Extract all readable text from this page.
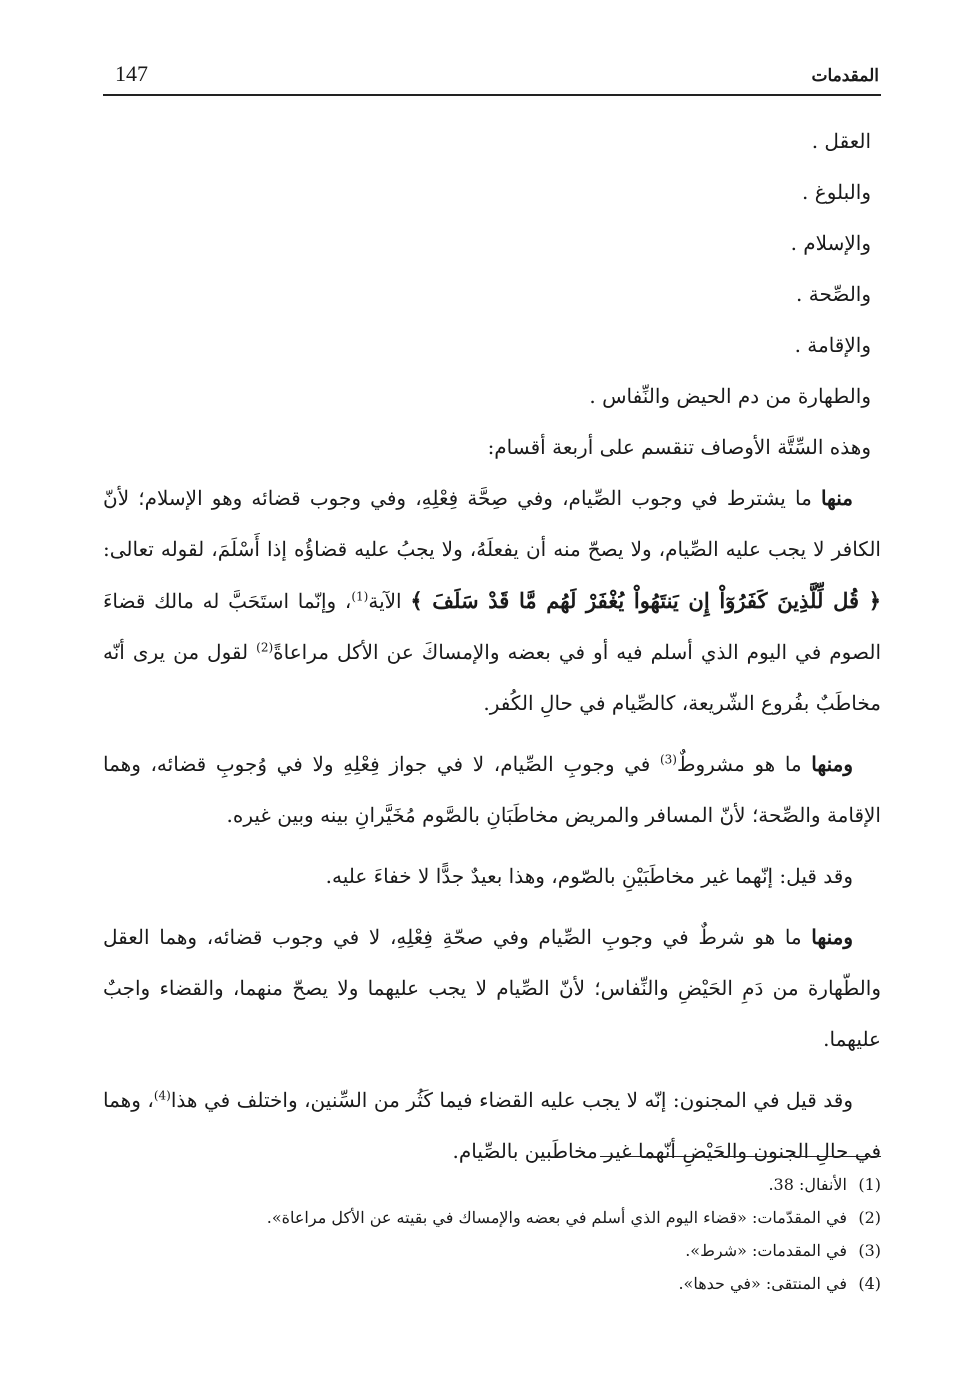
147	المقدمات

العقل .

والبلوغ .

والإسلام .

والصِّحة .

والإقامة .

والطهارة من دم الحيض والنِّفاس .

وهذه السِّتَّة الأوصاف تنقسم على أربعة أقسام:

منها ما يشترط في وجوب الصِّيام، وفي صِحَّة فِعْلِهِ، وفي وجوب قضائه وهو الإسلام؛ لأنّ الكافر لا يجب عليه الصِّيام، ولا يصحّ منه أن يفعلَهُ، ولا يجبُ عليه قضاؤُه إذا أَسْلَمَ، لقوله تعالى: ﴿ قُل لِّلَّذِينَ كَفَرُوٓاْ إِن يَنتَهُواْ يُغْفَرْ لَهُم مَّا قَدْ سَلَفَ ﴾ الآية$^{(1)}$، وإنّما استَحَبَّ له مالك قضاءَ الصوم في اليوم الذي أسلم فيه أو في بعضه والإمساكَ عن الأكل مراعاةً$^{(2)}$ لقول من يرى أنّه مخاطَبٌ بفُروع الشّريعة، كالصِّيام في حالِ الكُفر.

ومنها ما هو مشروطٌ$^{(3)}$ في وجوبِ الصِّيام، لا في جواز فِعْلِهِ ولا في وُجوبِ قضائه، وهما الإقامة والصِّحة؛ لأنّ المسافر والمريض مخاطَبَانِ بالصَّوم مُخَيَّرانِ بينه وبين غيره.

وقد قيل: إنّهما غير مخاطَبَيْنِ بالصّوم، وهذا بعيدٌ جدًّا لا خفاءَ عليه.

ومنها ما هو شرطٌ في وجوبِ الصِّيام وفي صحّةِ فِعْلِهِ، لا في وجوب قضائه، وهما العقل والطّهارة من دَمِ الحَيْضِ والنِّفاس؛ لأنّ الصِّيام لا يجب عليهما ولا يصحّ منهما، والقضاء واجبٌ عليهما.

وقد قيل في المجنون: إنّه لا يجب عليه القضاء فيما كَثُر من السِّنين، واختلف في هذا$^{(4)}$، وهما في حالِ الجنون والحَيْضِ أنّهما غير مخاطَبين بالصِّيام.

(1)الأنفال: 38.

(2)في المقدّمات: «قضاء اليوم الذي أسلم في بعضه والإمساك في بقيته عن الأكل مراعاة».

(3)في المقدمات: «شرط».

(4)في المنتقى: «في حدها».
